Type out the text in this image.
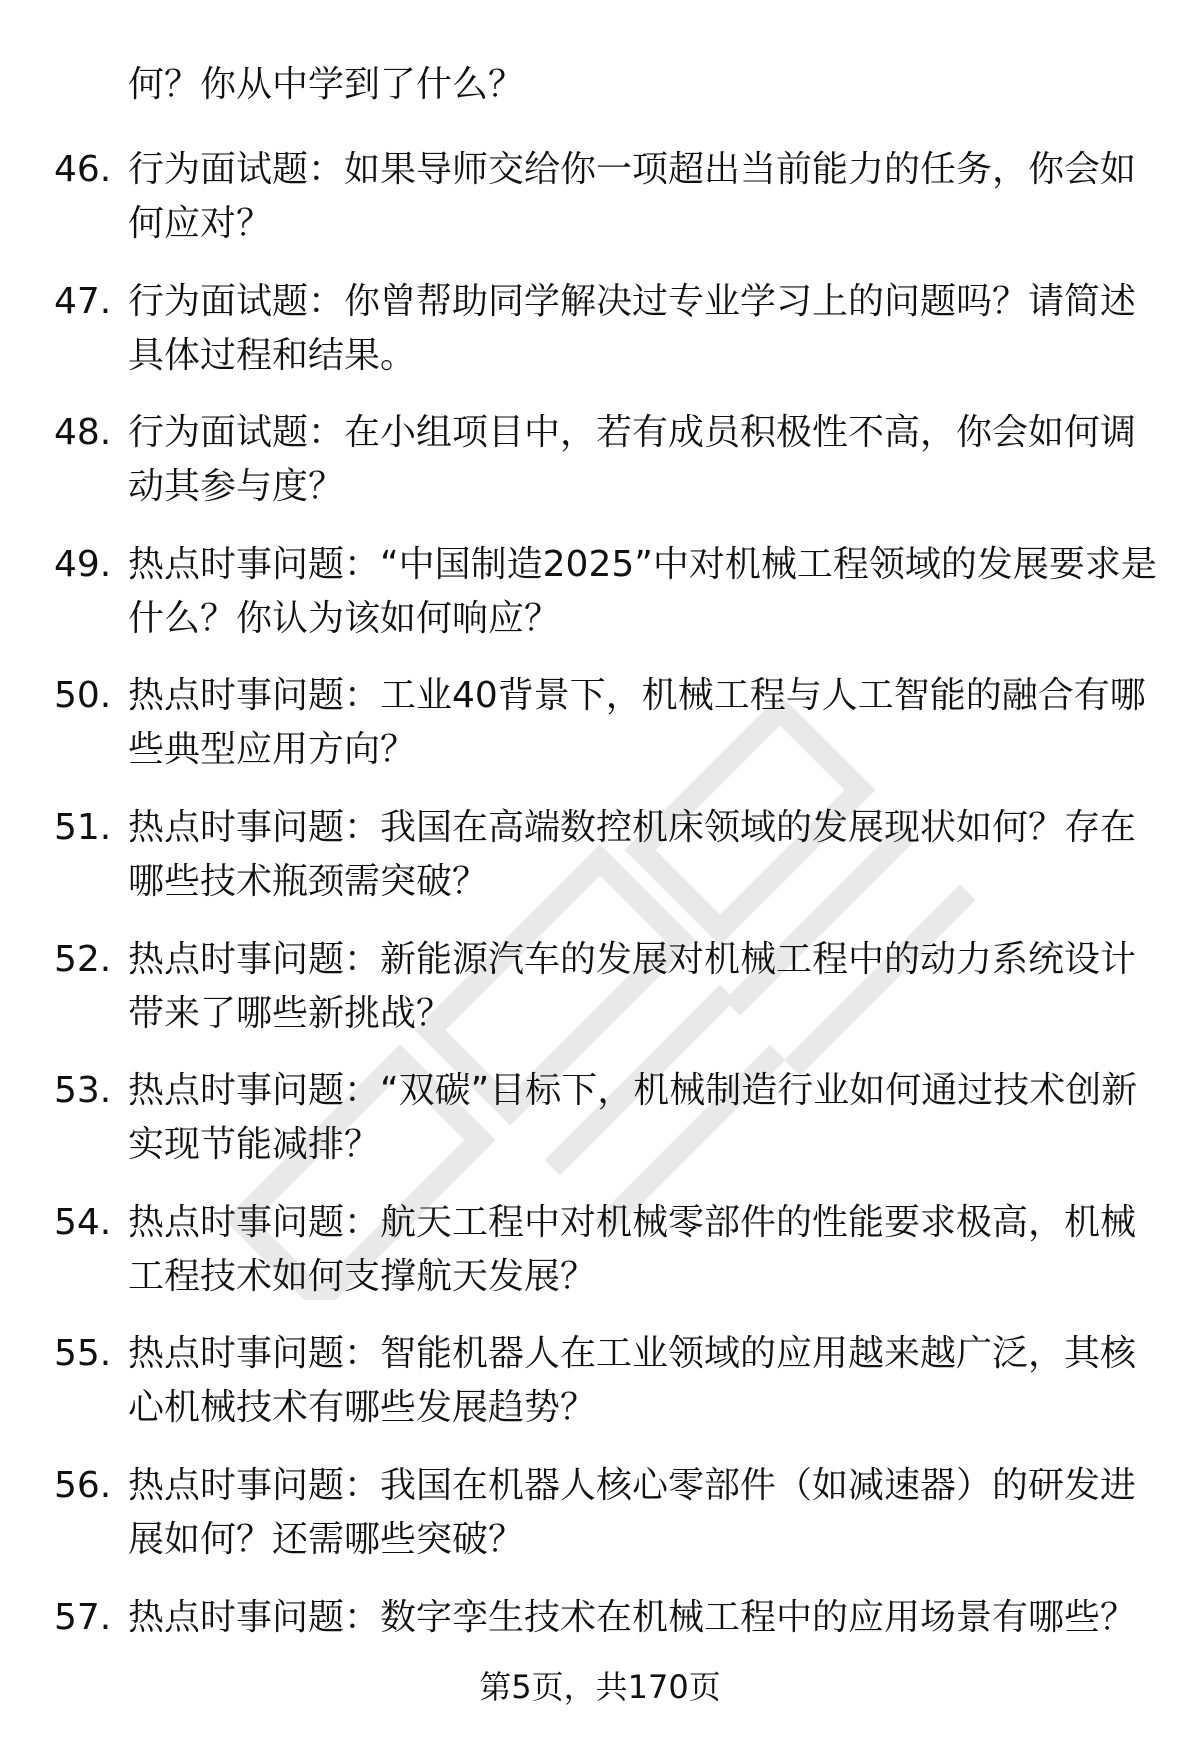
何？你从中学到了什么？
46. 行为面试题：如果导师交给你一项超出当前能力的任务，你会如何应对？
47. 行为面试题：你曾帮助同学解决过专业学习上的问题吗？请简述具体过程和结果。
48. 行为面试题：在小组项目中，若有成员积极性不高，你会如何调动其参与度？
49. 热点时事问题：“中国制造2025”中对机械工程领域的发展要求是什么？你认为该如何响应？
50. 热点时事问题：工业40背景下，机械工程与人工智能的融合有哪些典型应用方向？
51. 热点时事问题：我国在高端数控机床领域的发展现状如何？存在哪些技术瓶颈需突破？
52. 热点时事问题：新能源汽车的发展对机械工程中的动力系统设计带来了哪些新挑战？
53. 热点时事问题：“双碳”目标下，机械制造行业如何通过技术创新实现节能减排？
54. 热点时事问题：航天工程中对机械零部件的性能要求极高，机械工程技术如何支撑航天发展？
55. 热点时事问题：智能机器人在工业领域的应用越来越广泛，其核心机械技术有哪些发展趋势？
56. 热点时事问题：我国在机器人核心零部件（如减速器）的研发进展如何？还需哪些突破？
57. 热点时事问题：数字孪生技术在机械工程中的应用场景有哪些？
第5页，共170页
